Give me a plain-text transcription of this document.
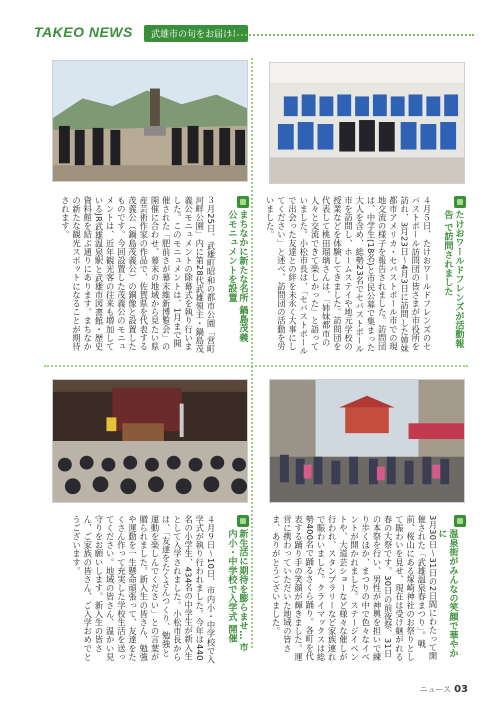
TAKEO NEWS	武雄市の旬をお届け！
まちなかに新たな名所 鍋島茂義公モニュメントを設置
３月25日、武雄町昭和の都市公園「営町河畔公園」内に第28代武雄領主・鍋島茂義公モニュメントの除幕式を執り行いました。このモニュメントは、1月まで開催された「肥前さが幕末維新博覧会」の開催に合わせ、幕末の地域から見たい県産芸術作家の作品で、佐賀県を代表する茂義公（鍋島茂義公）の銅像と設置したものです。今回設置した茂義公のモニュメントは、近年観光客の往来も増加しているJR武雄温泉駅と武雄市図書館・歴史資料館を結ぶ通りにあります。まちなかの新たな観光スポットになることが期待されます。	たけおワールドフレンズが活動報告 で訪問されました
４月５日、たけおワールドフレンズのセバストポール訪問団の皆さまが市役所を訪れ、3月23日〜4月3日に訪問した姉妹都市アメリカ・セバストポール市での現地交流の様子を報告されました。訪問団は、中学生(18名)と市民公募で集まった大人を含め、総勢23名でセバストポール市を訪問し、ホームステイや地元学校の授業などを体験してきました。訪問団を代表して桃田瑠璃さんは、「姉妹都市の人々と交流できて楽しかった」と語っていました。小松市長は、「セバストポールで出会った友達との絆を未永く大事にしてください」と述べ、訪問団の活動を労いました。
新生活に期待を膨らませ… 市内小・中学校で入学式 開催
４月９日〜10日、市内小・中学校で入学式が執り行われました。今年は440名の小学生、434名の中学生が新入生として入学されました。小松市長からは、「友達をたくさんつくり、勉強と運動を楽しんでください」との言葉が贈られました。新入生の皆さん、勉強や運動を一生懸命頑張って、友達をたくさん作って充実した学校生活を送ってください。地域の皆さん、温かい見守りをお願いします。新入生の皆さん、ご家族の皆さん、ご入学おめでとうございます。	温泉街がみんなの笑顔で華やかに
3月30日〜31日の2日間にわたって開催された「武雄温泉春まつり」。戦前、桜山にある塚崎神社のお祭りとして賑わいを見せ、現在は受け継がれる春の大祭です。30日の前夜祭、31日の本祭を行い、男性が神輿を担いで練り歩くほか、まつりの中で色々なイベントが開かれました。ステージイベントや、大道芸ショーなど様々な催しが行われ、スタンプラリーなど家族連れで賑わいました。クライマックスは総勢400名で踊るさくら踊り。各町を代表する踊り手の笑顔が輝きました。運営に携わっていただいた地域の皆さま、ありがとうございました。
ニュース 03
